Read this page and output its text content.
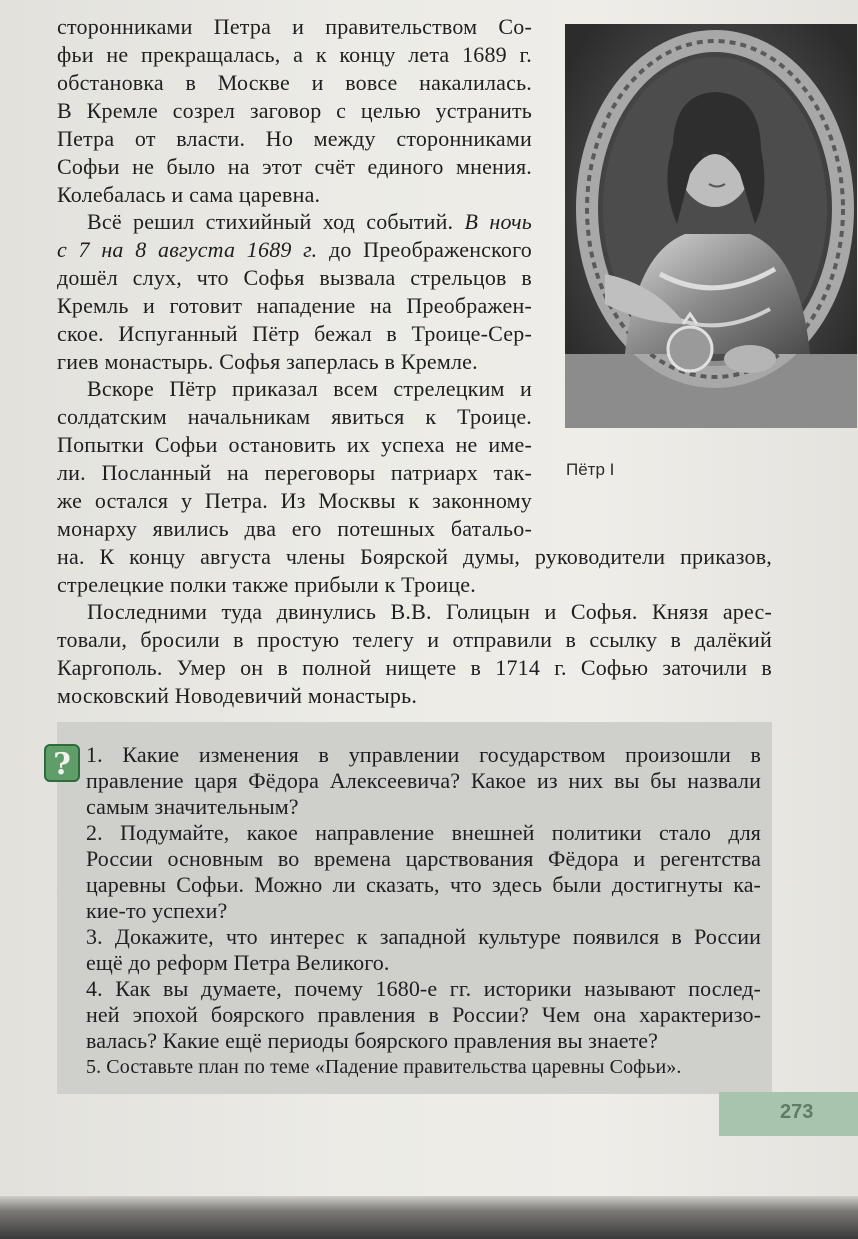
сторонниками Петра и правительством Со-
фьи не прекращалась, а к концу лета 1689 г.
обстановка в Москве и вовсе накалилась.
В Кремле созрел заговор с целью устранить
Петра от власти. Но между сторонниками
Софьи не было на этот счёт единого мнения.
Колебалась и сама царевна.
Всё решил стихийный ход событий. В ночь
с 7 на 8 августа 1689 г. до Преображенского
дошёл слух, что Софья вызвала стрельцов в
Кремль и готовит нападение на Преображен-
ское. Испуганный Пётр бежал в Троице-Сер-
гиев монастырь. Софья заперлась в Кремле.
Вскоре Пётр приказал всем стрелецким и
солдатским начальникам явиться к Троице.
Попытки Софьи остановить их успеха не име-
ли. Посланный на переговоры патриарх так-
же остался у Петра. Из Москвы к законному
монарху явились два его потешных батальо-
на. К концу августа члены Боярской думы, руководители приказов,
стрелецкие полки также прибыли к Троице.
Последними туда двинулись В.В. Голицын и Софья. Князя арес-
товали, бросили в простую телегу и отправили в ссылку в далёкий
Каргополь. Умер он в полной нищете в 1714 г. Софью заточили в
московский Новодевичий монастырь.
Пётр I
? 1. Какие изменения в управлении государством произошли в
правление царя Фёдора Алексеевича? Какое из них вы бы назвали
самым значительным?
2. Подумайте, какое направление внешней политики стало для
России основным во времена царствования Фёдора и регентства
царевны Софьи. Можно ли сказать, что здесь были достигнуты ка-
кие-то успехи?
3. Докажите, что интерес к западной культуре появился в России
ещё до реформ Петра Великого.
4. Как вы думаете, почему 1680-е гг. историки называют послед-
ней эпохой боярского правления в России? Чем она характеризо-
валась? Какие ещё периоды боярского правления вы знаете?
5. Составьте план по теме «Падение правительства царевны Софьи».
273
